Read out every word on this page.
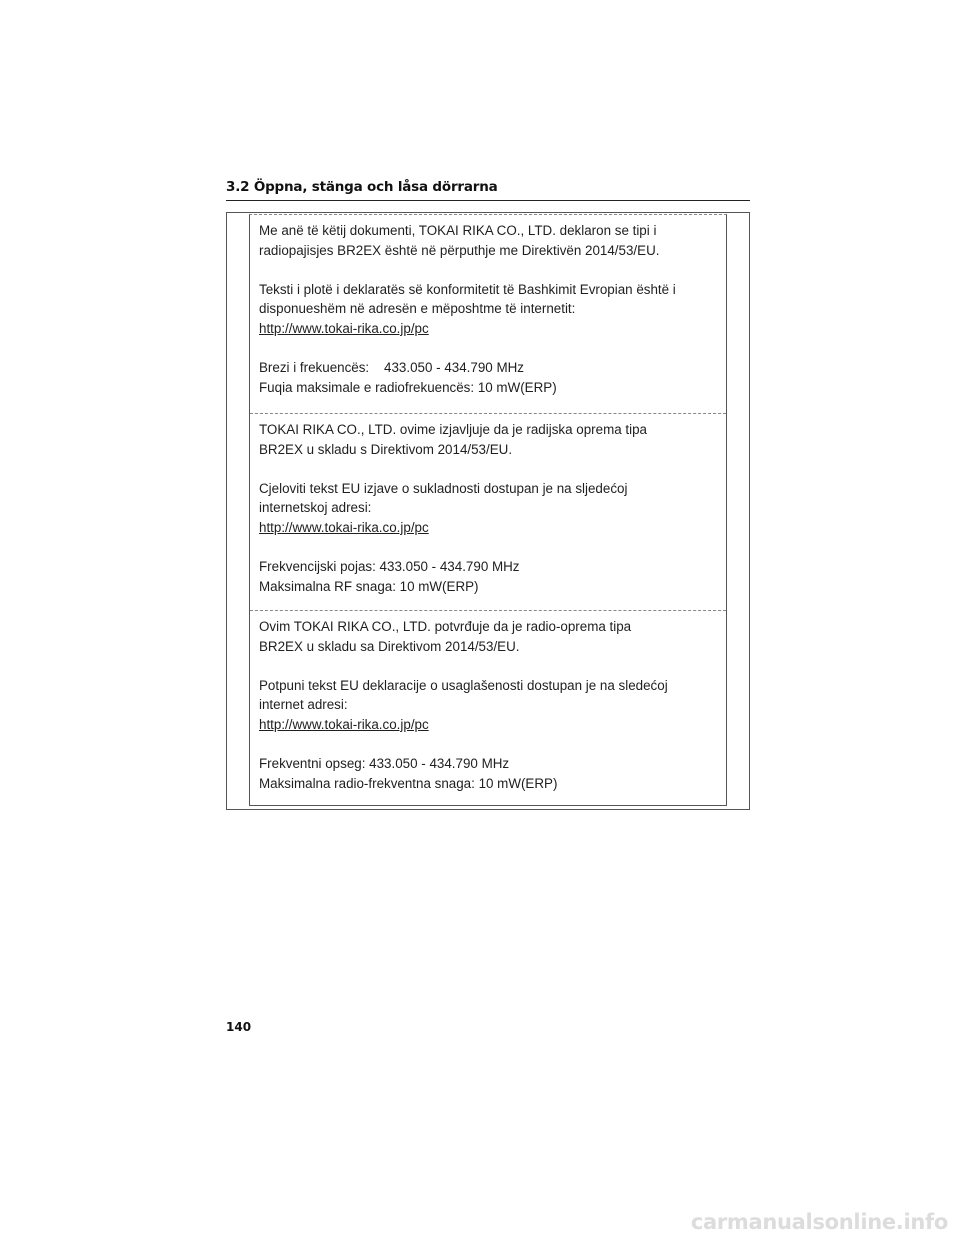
3.2 Öppna, stänga och låsa dörrarna

Me anë të këtij dokumenti, TOKAI RIKA CO., LTD. deklaron se tipi i

radiopajisjes BR2EX është në përputhje me Direktivën 2014/53/EU.

Teksti i plotë i deklaratës së konformitetit të Bashkimit Evropian është i

disponueshëm në adresën e mëposhtme të internetit:

http://www.tokai-rika.co.jp/pc

Brezi i frekuencës:    433.050 - 434.790 MHz

Fuqia maksimale e radiofrekuencës: 10 mW(ERP)

TOKAI RIKA CO., LTD. ovime izjavljuje da je radijska oprema tipa

BR2EX u skladu s Direktivom 2014/53/EU.

Cjeloviti tekst EU izjave o sukladnosti dostupan je na sljedećoj

internetskoj adresi:

http://www.tokai-rika.co.jp/pc

Frekvencijski pojas: 433.050 - 434.790 MHz

Maksimalna RF snaga: 10 mW(ERP)

Ovim TOKAI RIKA CO., LTD. potvrđuje da je radio-oprema tipa

BR2EX u skladu sa Direktivom 2014/53/EU.

Potpuni tekst EU deklaracije o usaglašenosti dostupan je na sledećoj

internet adresi:

http://www.tokai-rika.co.jp/pc

Frekventni opseg: 433.050 - 434.790 MHz

Maksimalna radio-frekventna snaga: 10 mW(ERP)

140
carmanualsonline.info
